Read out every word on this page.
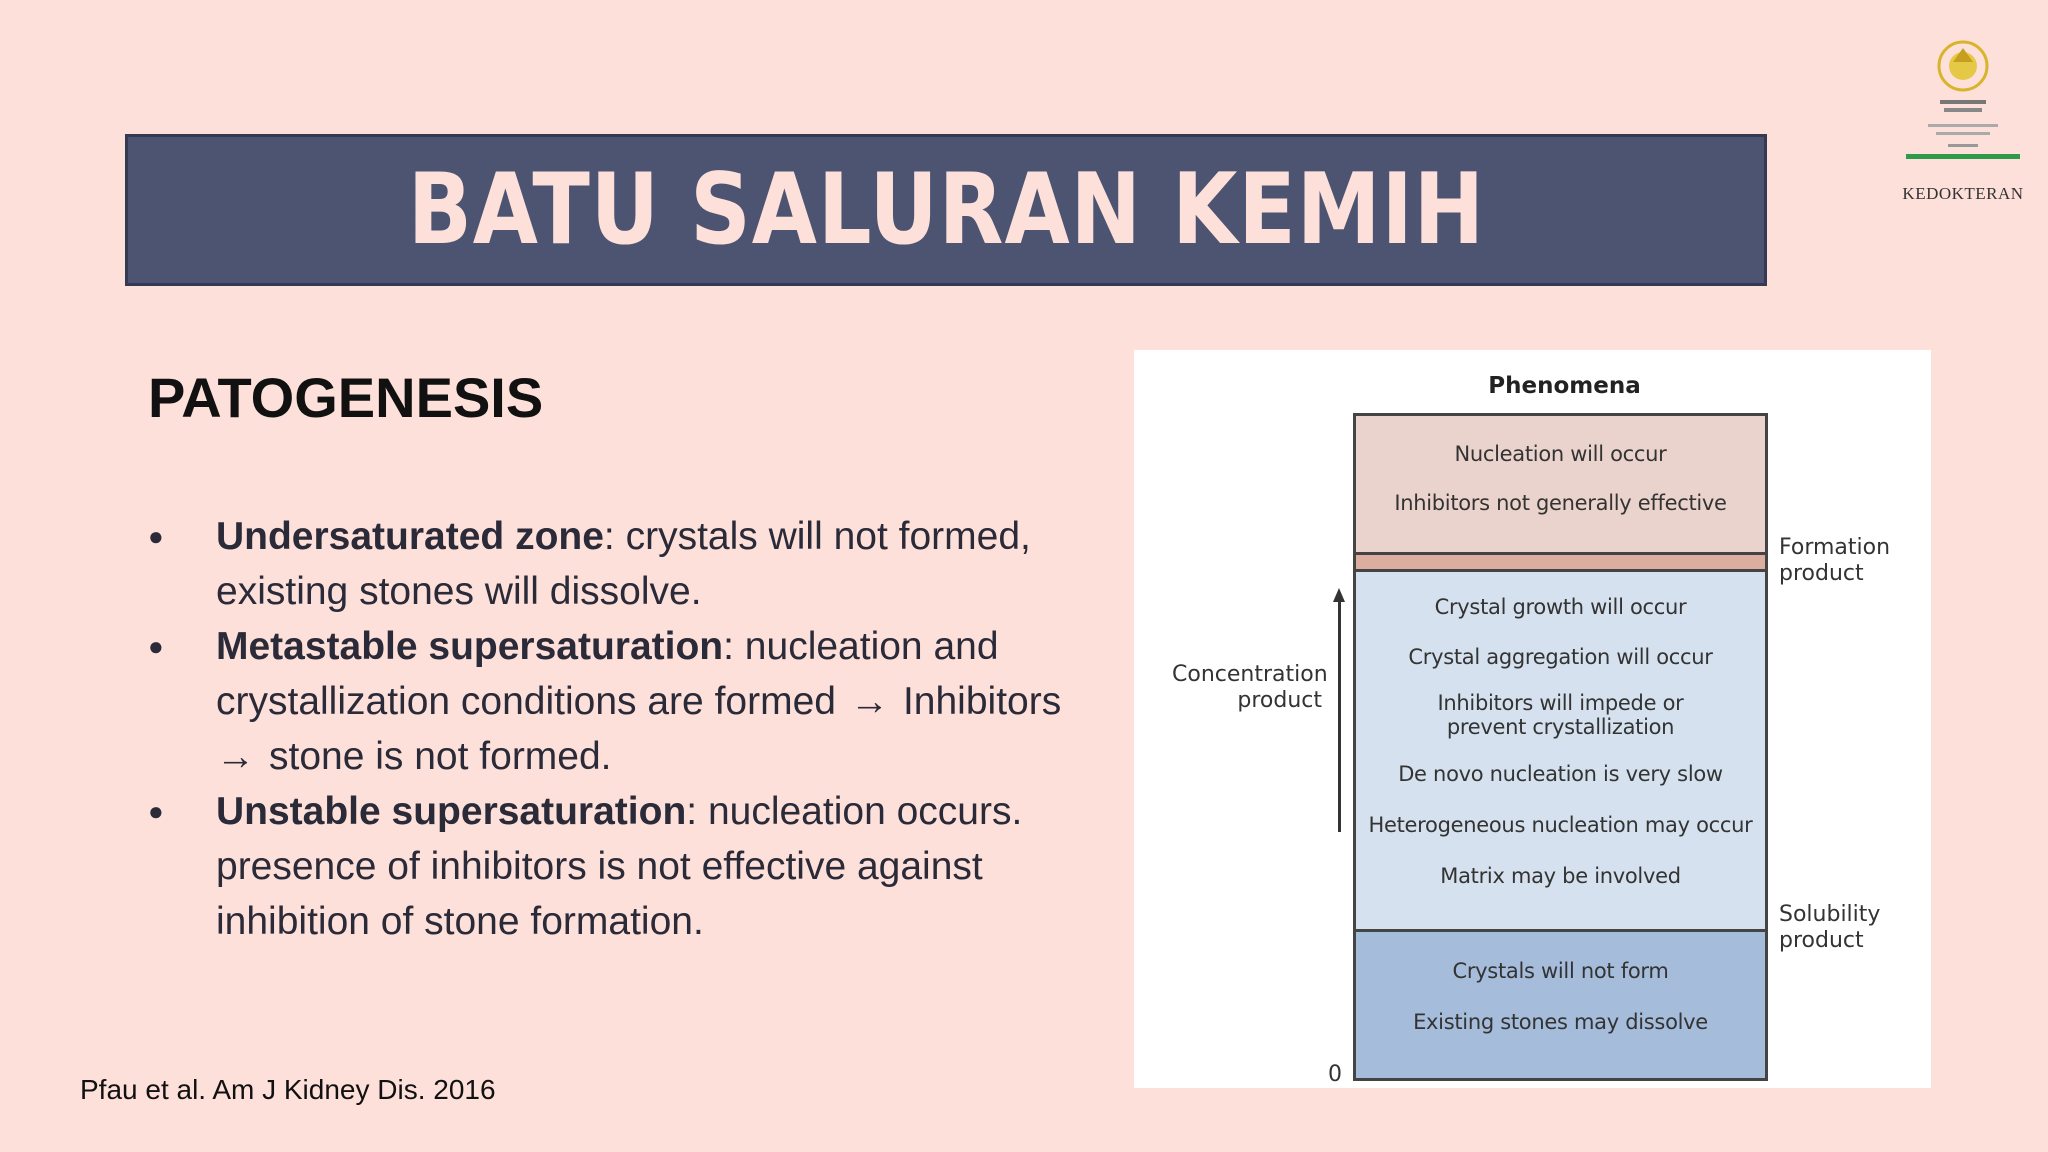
BATU SALURAN KEMIH	KEDOKTERAN
PATOGENESIS
● Undersaturated zone: crystals will not formed, existing stones will dissolve.
● Metastable supersaturation: nucleation and crystallization conditions are formed → Inhibitors
→ stone is not formed.
● Unstable supersaturation: nucleation occurs. presence of inhibitors is not effective against inhibition of stone formation.
Pfau et al. Am J Kidney Dis. 2016
Phenomena
Nucleation will occur
Inhibitors not generally effective
Crystal growth will occur
Crystal aggregation will occur
Inhibitors will impede or
prevent crystallization
De novo nucleation is very slow
Heterogeneous nucleation may occur
Matrix may be involved
Crystals will not form
Existing stones may dissolve
Concentration
product
Formation
product
Solubility
product
0
